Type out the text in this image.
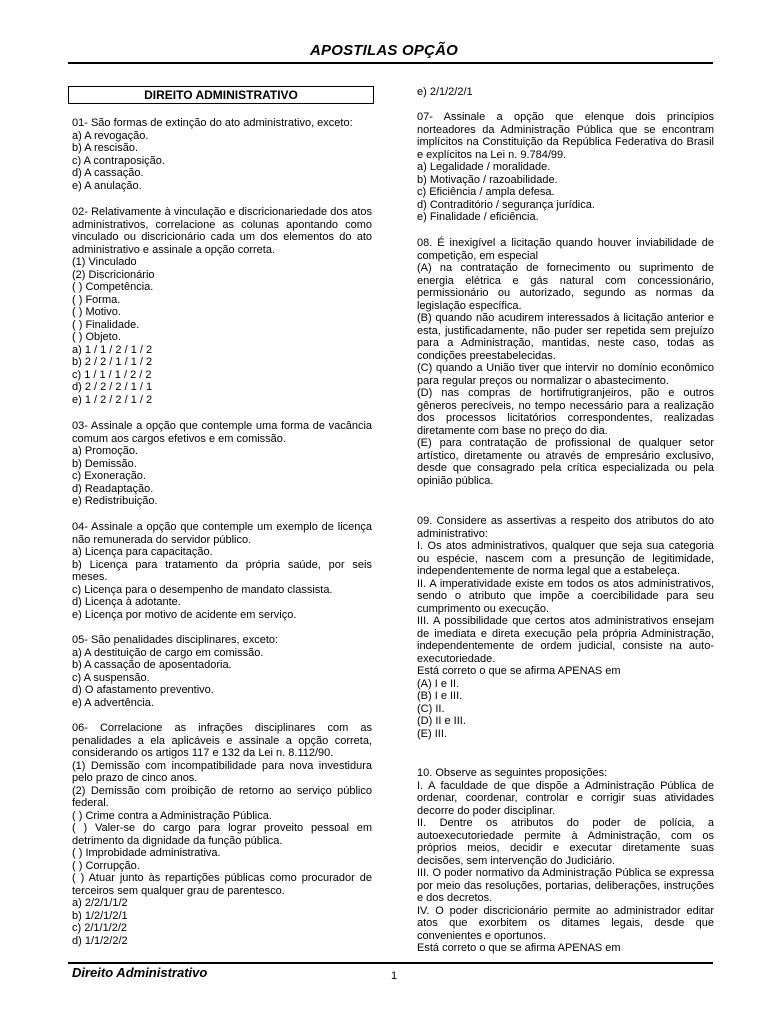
APOSTILAS OPÇÃO
DIREITO ADMINISTRATIVO

01- São formas de extinção do ato administrativo, exceto:

a) A revogação.

b) A rescisão.

c) A contraposição.

d) A cassação.

e) A anulação.

02- Relativamente à vinculação e discricionariedade dos atos administrativos, correlacione as colunas apontando como vinculado ou discricionário cada um dos elementos do ato administrativo e assinale a opção correta.

(1) Vinculado

(2) Discricionário

( ) Competência.

( ) Forma.

( ) Motivo.

( ) Finalidade.

( ) Objeto.

a) 1 / 1 / 2 / 1 / 2

b) 2 / 2 / 1 / 1 / 2

c) 1 / 1 / 1 / 2 / 2

d) 2 / 2 / 2 / 1 / 1

e) 1 / 2 / 2 / 1 / 2

03- Assinale a opção que contemple uma forma de vacância comum aos cargos efetivos e em comissão.

a) Promoção.

b) Demissão.

c) Exoneração.

d) Readaptação.

e) Redistribuição.

04- Assinale a opção que contemple um exemplo de licença não remunerada do servidor público.

a) Licença para capacitação.

b) Licença para tratamento da própria saúde, por seis meses.

c) Licença para o desempenho de mandato classista.

d) Licença à adotante.

e) Licença por motivo de acidente em serviço.

05- São penalidades disciplinares, exceto:

a) A destituição de cargo em comissão.

b) A cassação de aposentadoria.

c) A suspensão.

d) O afastamento preventivo.

e) A advertência.

06- Correlacione as infrações disciplinares com as penalidades a ela aplicáveis e assinale a opção correta, considerando os artigos 117 e 132 da Lei n. 8.112/90.

(1) Demissão com incompatibilidade para nova investidura pelo prazo de cinco anos.

(2) Demissão com proibição de retorno ao serviço público federal.

( ) Crime contra a Administração Pública.

( ) Valer-se do cargo para lograr proveito pessoal em detrimento da dignidade da função pública.

( ) Improbidade administrativa.

( ) Corrupção.

( ) Atuar junto às repartições públicas como procurador de terceiros sem qualquer grau de parentesco.

a) 2/2/1/1/2

b) 1/2/1/2/1

c) 2/1/1/2/2

d) 1/1/2/2/2

e) 2/1/2/2/1

07- Assinale a opção que elenque dois princípios norteadores da Administração Pública que se encontram implícitos na Constituição da República Federativa do Brasil e explícitos na Lei n. 9.784/99.

a) Legalidade / moralidade.

b) Motivação / razoabilidade.

c) Eficiência / ampla defesa.

d) Contraditório / segurança jurídica.

e) Finalidade / eficiência.

08. É inexigível a licitação quando houver inviabilidade de competição, em especial

(A) na contratação de fornecimento ou suprimento de energia elétrica e gás natural com concessionário, permissionário ou autorizado, segundo as normas da legislação específica.

(B) quando não acudirem interessados à licitação anterior e esta, justificadamente, não puder ser repetida sem prejuízo para a Administração, mantidas, neste caso, todas as condições preestabelecidas.

(C) quando a União tiver que intervir no domínio econômico para regular preços ou normalizar o abastecimento.

(D) nas compras de hortifrutigranjeiros, pão e outros gêneros perecíveis, no tempo necessário para a realização dos processos licitatórios correspondentes, realizadas diretamente com base no preço do dia.

(E) para contratação de profissional de qualquer setor artístico, diretamente ou através de empresário exclusivo, desde que consagrado pela crítica especializada ou pela opinião pública.

09. Considere as assertivas a respeito dos atributos do ato administrativo:

I. Os atos administrativos, qualquer que seja sua categoria ou espécie, nascem com a presunção de legitimidade, independentemente de norma legal que a estabeleça.

II. A imperatividade existe em todos os atos administrativos, sendo o atributo que impõe a coercibilidade para seu cumprimento ou execução.

III. A possibilidade que certos atos administrativos ensejam de imediata e direta execução pela própria Administração, independentemente de ordem judicial, consiste na auto-executoriedade.

Está correto o que se afirma APENAS em

(A) I e II.

(B) I e III.

(C) II.

(D) II e III.

(E) III.

10. Observe as seguintes proposições:

I. A faculdade de que dispõe a Administração Pública de ordenar, coordenar, controlar e corrigir suas atividades decorre do poder disciplinar.

II. Dentre os atributos do poder de polícia, a autoexecutoriedade permite à Administração, com os próprios meios, decidir e executar diretamente suas decisões, sem intervenção do Judiciário.

III. O poder normativo da Administração Pública se expressa por meio das resoluções, portarias, deliberações, instruções e dos decretos.

IV. O poder discricionário permite ao administrador editar atos que exorbitem os ditames legais, desde que convenientes e oportunos.

Está correto o que se afirma APENAS em

Direito Administrativo	1
